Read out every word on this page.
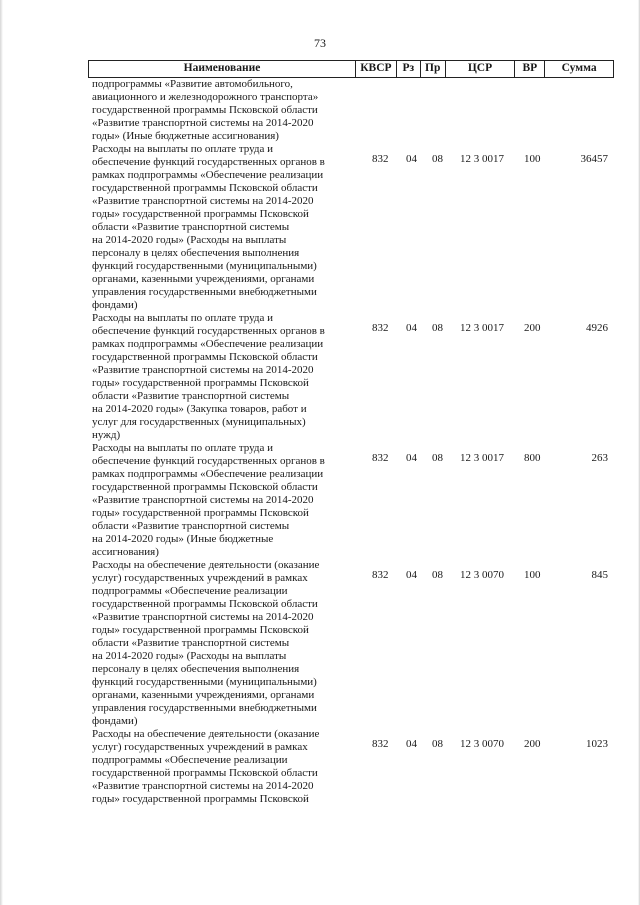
73
Наименование	КВСР Рз Пр	ЦСР	ВР	Сумма
подпрограммы «Развитие автомобильного,
авиационного и железнодорожного транспорта»
государственной программы Псковской области
«Развитие транспортной системы на 2014-2020
годы» (Иные бюджетные ассигнования)
Расходы на выплаты по оплате труда и
обеспечение функций государственных органов в
рамках подпрограммы «Обеспечение реализации
государственной программы Псковской области
«Развитие транспортной системы на 2014-2020
годы» государственной программы Псковской
области «Развитие транспортной системы
на 2014-2020 годы» (Расходы на выплаты
персоналу в целях обеспечения выполнения
функций государственными (муниципальными)
органами, казенными учреждениями, органами
управления государственными внебюджетными
фондами)
832 04 08 12 3 0017 100	36457
Расходы на выплаты по оплате труда и
обеспечение функций государственных органов в
рамках подпрограммы «Обеспечение реализации
государственной программы Псковской области
«Развитие транспортной системы на 2014-2020
годы» государственной программы Псковской
области «Развитие транспортной системы
на 2014-2020 годы» (Закупка товаров, работ и
услуг для государственных (муниципальных)
нужд)
832 04 08 12 3 0017 200	4926
Расходы на выплаты по оплате труда и
обеспечение функций государственных органов в
рамках подпрограммы «Обеспечение реализации
государственной программы Псковской области
«Развитие транспортной системы на 2014-2020
годы» государственной программы Псковской
области «Развитие транспортной системы
на 2014-2020 годы» (Иные бюджетные
ассигнования)
832 04 08 12 3 0017 800	263
Расходы на обеспечение деятельности (оказание
услуг) государственных учреждений в рамках
подпрограммы «Обеспечение реализации
государственной программы Псковской области
«Развитие транспортной системы на 2014-2020
годы» государственной программы Псковской
области «Развитие транспортной системы
на 2014-2020 годы» (Расходы на выплаты
персоналу в целях обеспечения выполнения
функций государственными (муниципальными)
органами, казенными учреждениями, органами
управления государственными внебюджетными
фондами)
832 04 08 12 3 0070 100	845
Расходы на обеспечение деятельности (оказание
услуг) государственных учреждений в рамках
подпрограммы «Обеспечение реализации
государственной программы Псковской области
«Развитие транспортной системы на 2014-2020
годы» государственной программы Псковской
832 04 08 12 3 0070 200	1023
